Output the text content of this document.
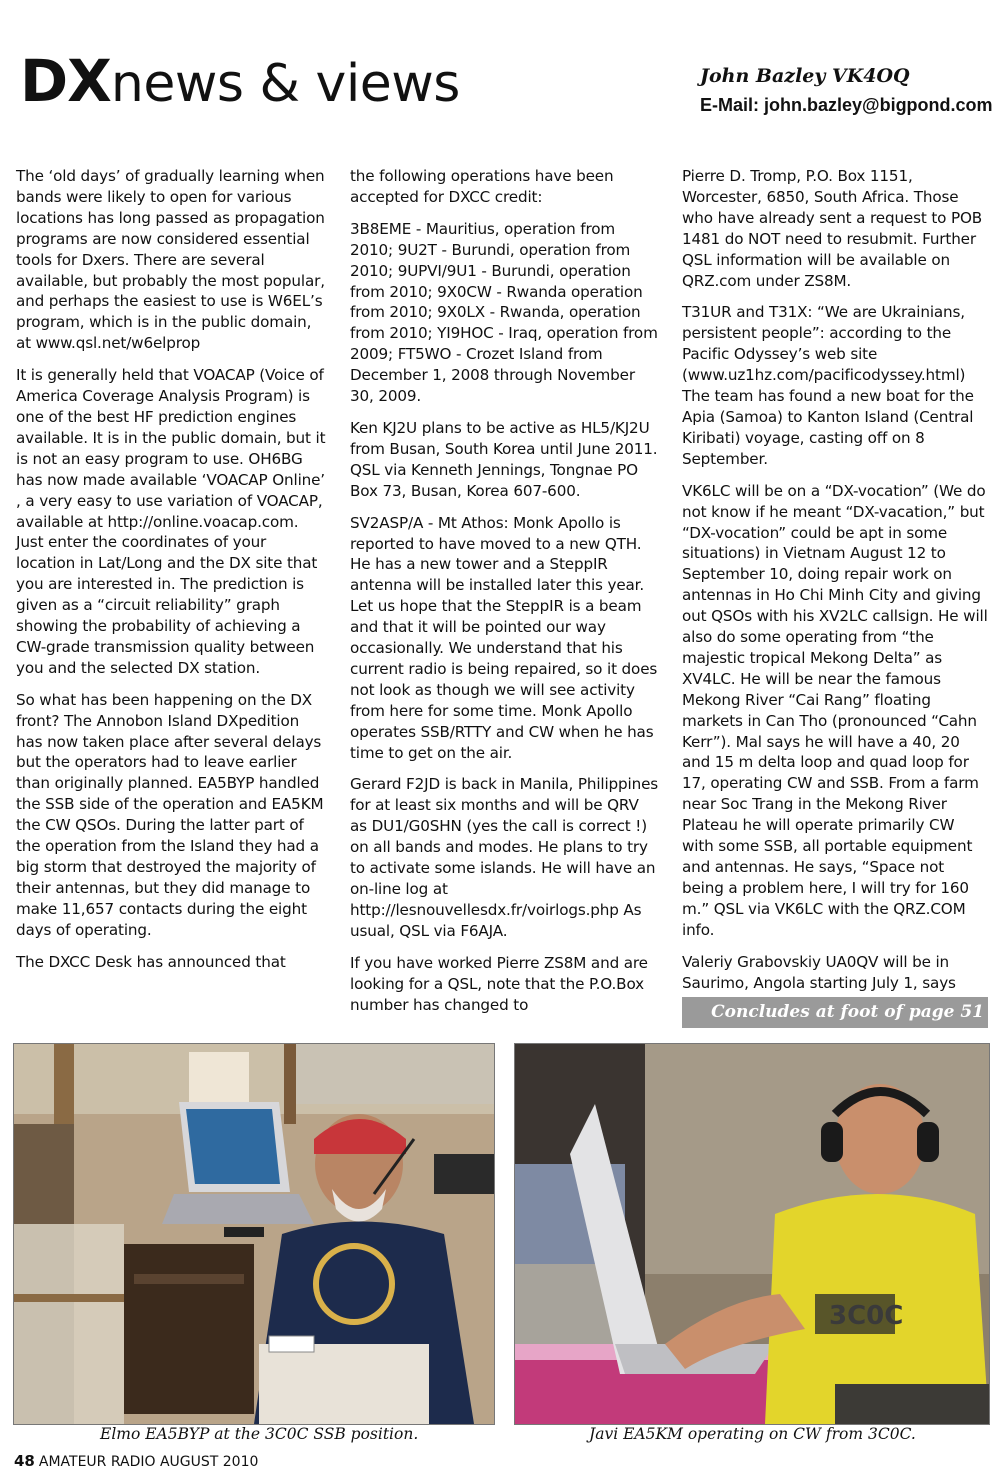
DXnews & views	John Bazley VK4OQ
E-Mail: john.bazley@bigpond.com

The ‘old days’ of gradually learning when bands were likely to open for various locations has long passed as propagation programs are now considered essential tools for Dxers. There are several available, but probably the most popular, and perhaps the easiest to use is W6EL’s program, which is in the public domain, at www.qsl.net/w6elprop

It is generally held that VOACAP (Voice of America Coverage Analysis Program) is one of the best HF prediction engines available. It is in the public domain, but it is not an easy program to use. OH6BG has now made available ‘VOACAP Online’ , a very easy to use variation of VOACAP, available at http://online.voacap.com. Just enter the coordinates of your location in Lat/Long and the DX site that you are interested in. The prediction is given as a “circuit reliability” graph showing the probability of achieving a CW-grade transmission quality between you and the selected DX station.

So what has been happening on the DX front? The Annobon Island DXpedition has now taken place after several delays but the operators had to leave earlier than originally planned. EA5BYP handled the SSB side of the operation and EA5KM the CW QSOs. During the latter part of the operation from the Island they had a big storm that destroyed the majority of their antennas, but they did manage to make 11,657 contacts during the eight days of operating.

The DXCC Desk has announced that

the following operations have been accepted for DXCC credit:

3B8EME - Mauritius, operation from 2010; 9U2T - Burundi, operation from 2010; 9UPVI/9U1 - Burundi, operation from 2010; 9X0CW - Rwanda operation from 2010; 9X0LX - Rwanda, operation from 2010; YI9HOC - Iraq, operation from 2009; FT5WO - Crozet Island from December 1, 2008 through November 30, 2009.

Ken KJ2U plans to be active as HL5/KJ2U from Busan, South Korea until June 2011. QSL via Kenneth Jennings, Tongnae PO Box 73, Busan, Korea 607-600.

SV2ASP/A - Mt Athos: Monk Apollo is reported to have moved to a new QTH. He has a new tower and a SteppIR antenna will be installed later this year. Let us hope that the SteppIR is a beam and that it will be pointed our way occasionally. We understand that his current radio is being repaired, so it does not look as though we will see activity from here for some time. Monk Apollo operates SSB/RTTY and CW when he has time to get on the air.

Gerard F2JD is back in Manila, Philippines for at least six months and will be QRV as DU1/G0SHN (yes the call is correct !) on all bands and modes. He plans to try to activate some islands. He will have an on-line log at http://lesnouvellesdx.fr/voirlogs.php As usual, QSL via F6AJA.

If you have worked Pierre ZS8M and are looking for a QSL, note that the P.O.Box number has changed to

Pierre D. Tromp, P.O. Box 1151, Worcester, 6850, South Africa. Those who have already sent a request to POB 1481 do NOT need to resubmit. Further QSL information will be available on QRZ.com under ZS8M.

T31UR and T31X: “We are Ukrainians, persistent people”: according to the Pacific Odyssey’s web site (www.uz1hz.com/pacificodyssey.html) The team has found a new boat for the Apia (Samoa) to Kanton Island (Central Kiribati) voyage, casting off on 8 September.

VK6LC will be on a “DX-vocation” (We do not know if he meant “DX-vacation,” but “DX-vocation” could be apt in some situations) in Vietnam August 12 to September 10, doing repair work on antennas in Ho Chi Minh City and giving out QSOs with his XV2LC callsign. He will also do some operating from “the majestic tropical Mekong Delta” as XV4LC. He will be near the famous Mekong River “Cai Rang” floating markets in Can Tho (pronounced “Cahn Kerr”). Mal says he will have a 40, 20 and 15 m delta loop and quad loop for 17, operating CW and SSB. From a farm near Soc Trang in the Mekong River Plateau he will operate primarily CW with some SSB, all portable equipment and antennas. He says, “Space not being a problem here, I will try for 160 m.” QSL via VK6LC with the QRZ.COM info.

Valeriy Grabovskiy UA0QV will be in Saurimo, Angola starting July 1, says

Concludes at foot of page 51
3C0C
Elmo EA5BYP at the 3C0C SSB position.	Javi EA5KM operating on CW from 3C0C.
48 AMATEUR RADIO AUGUST 2010
